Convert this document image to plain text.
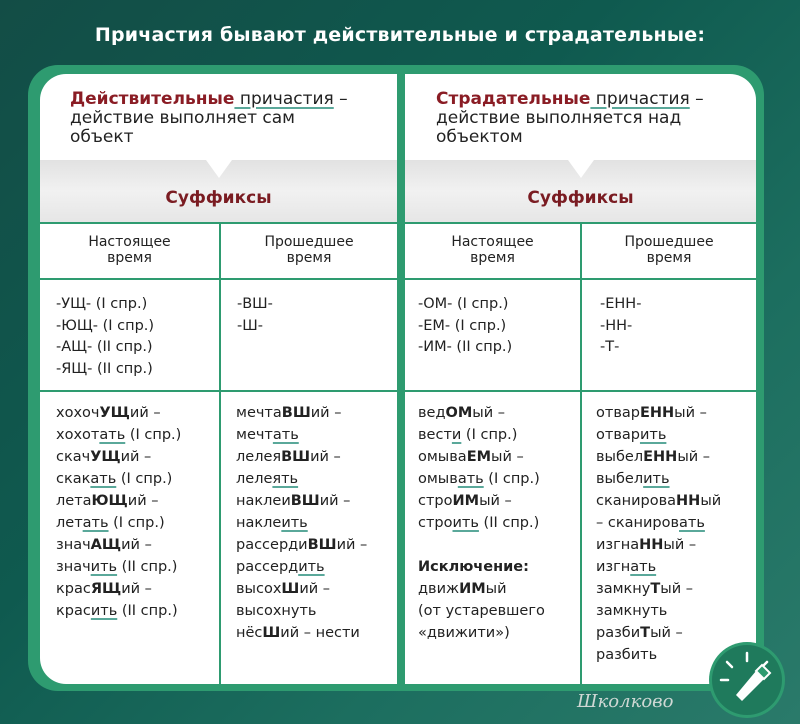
Причастия бывают действительные и страдательные:
Действительные причастия –
действие выполняет сам
объект
Страдательные причастия –
действие выполняется над
объектом
Суффиксы	Суффиксы
Настоящее
время
Прошедшее
время
Настоящее
время
Прошедшее
время
-УЩ- (I спр.)
-ЮЩ- (I спр.)
-АЩ- (II спр.)
-ЯЩ- (II спр.)
-ВШ-
-Ш-
-ОМ- (I спр.)
-ЕМ- (I спр.)
-ИМ- (II спр.)
-ЕНН-
-НН-
-Т-
хохочУЩий –
хохотать (I спр.)
скачУЩий –
скакать (I спр.)
летаЮЩий –
летать (I спр.)
значАЩий –
значить (II спр.)
красЯЩий –
красить (II спр.)
мечтаВШий –
мечтать
лелеяВШий –
лелеять
наклеиВШий –
наклеить
рассердиВШий –
рассердить
высохШий –
высохнуть
нёсШий – нести
ведОМый –
вести (I спр.)
омываЕМый –
омывать (I спр.)
строИМый –
строить (II спр.)
Исключение:
движИМый
(от устаревшего
«движити»)
отварЕННый –
отварить
выбелЕННый –
выбелить
сканироваННый
– сканировать
изгнаННый –
изгнать
замкнуТый –
замкнуть
разбиТый –
разбить
Школково
